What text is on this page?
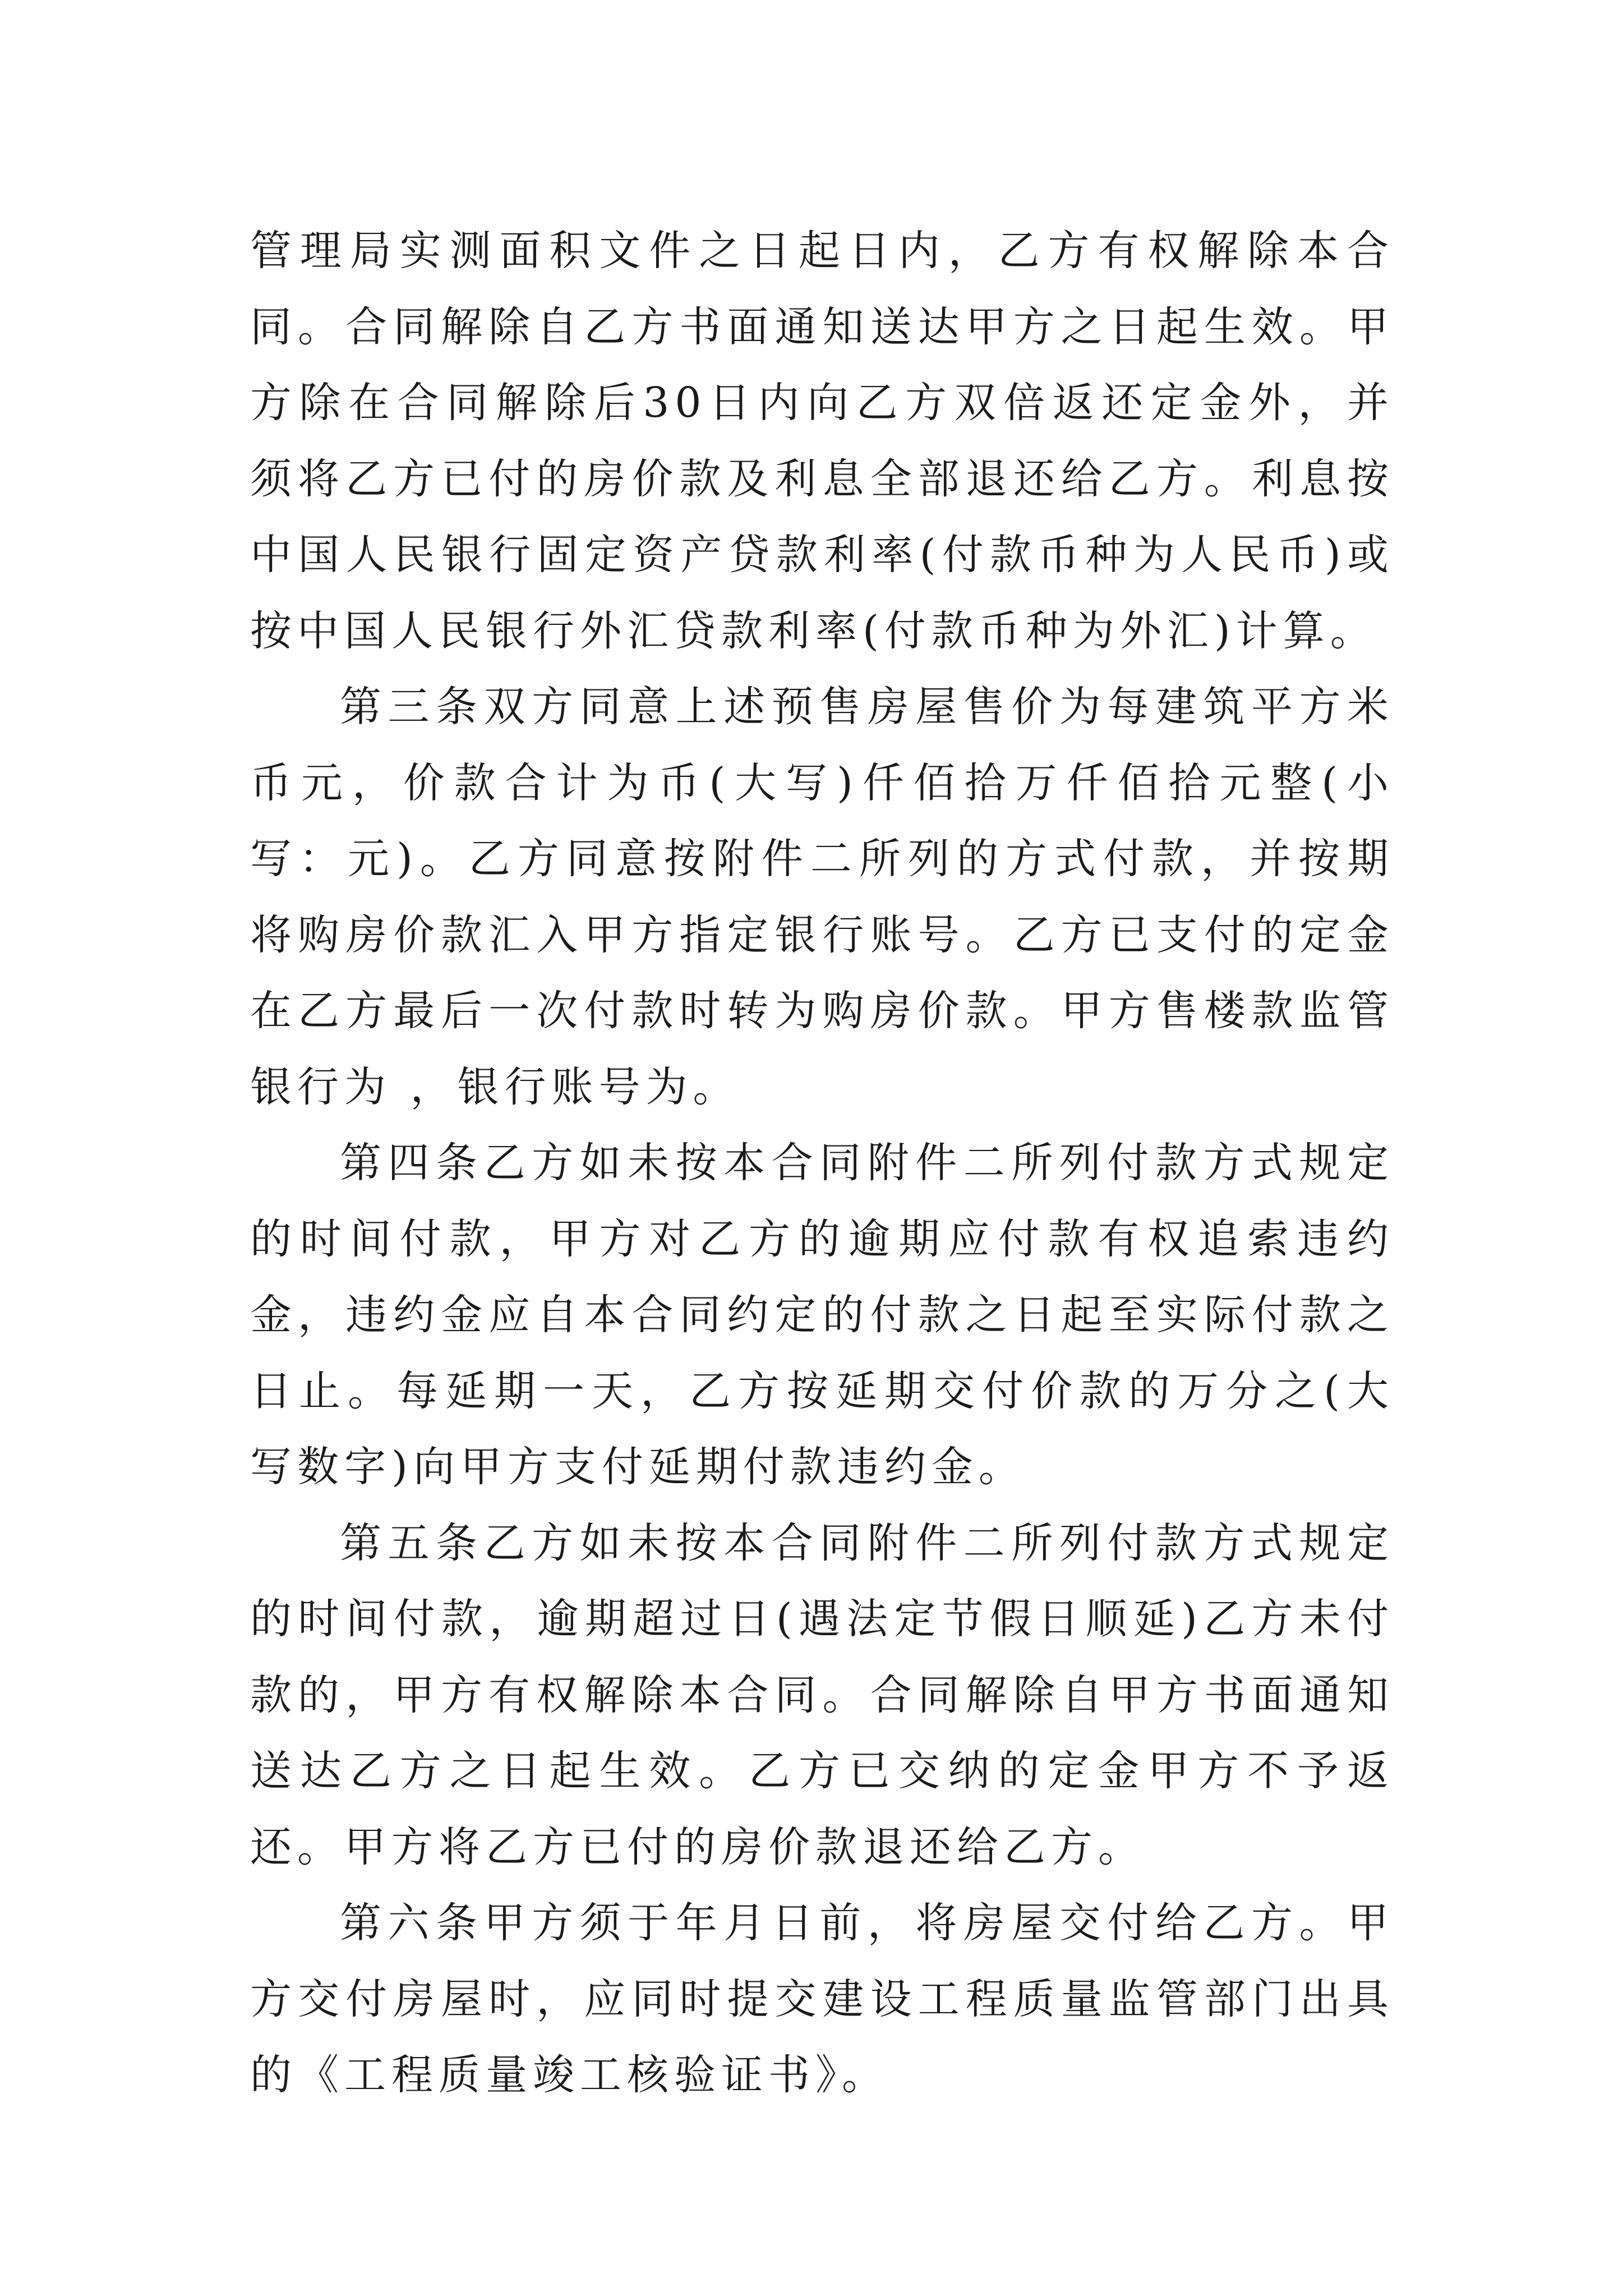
管理局实测面积文件之日起日内，乙方有权解除本合同。合同解除自乙方书面通知送达甲方之日起生效。甲方除在合同解除后30日内向乙方双倍返还定金外，并须将乙方已付的房价款及利息全部退还给乙方。利息按中国人民银行固定资产贷款利率(付款币种为人民币)或按中国人民银行外汇贷款利率(付款币种为外汇)计算。

第三条双方同意上述预售房屋售价为每建筑平方米币元，价款合计为币(大写)仟佰拾万仟佰拾元整(小写：元)。乙方同意按附件二所列的方式付款，并按期将购房价款汇入甲方指定银行账号。乙方已支付的定金在乙方最后一次付款时转为购房价款。甲方售楼款监管银行为 ，银行账号为。

第四条乙方如未按本合同附件二所列付款方式规定的时间付款，甲方对乙方的逾期应付款有权追索违约金，违约金应自本合同约定的付款之日起至实际付款之日止。每延期一天，乙方按延期交付价款的万分之(大写数字)向甲方支付延期付款违约金。

第五条乙方如未按本合同附件二所列付款方式规定的时间付款，逾期超过日(遇法定节假日顺延)乙方未付款的，甲方有权解除本合同。合同解除自甲方书面通知送达乙方之日起生效。乙方已交纳的定金甲方不予返还。甲方将乙方已付的房价款退还给乙方。

第六条甲方须于年月日前，将房屋交付给乙方。甲方交付房屋时，应同时提交建设工程质量监管部门出具的《工程质量竣工核验证书》。
